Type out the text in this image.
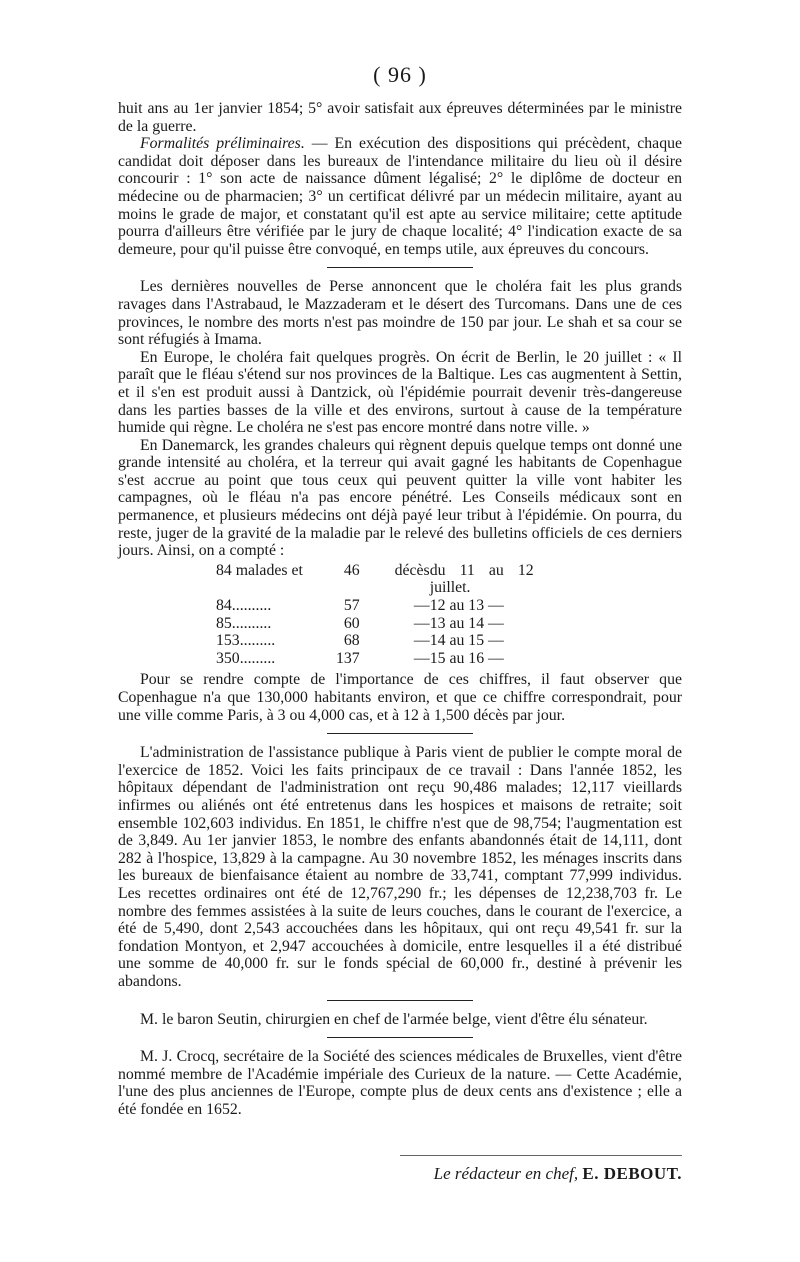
( 96 )

huit ans au 1er janvier 1854; 5° avoir satisfait aux épreuves déterminées par le ministre de la guerre.

Formalités préliminaires. — En exécution des dispositions qui précèdent, chaque candidat doit déposer dans les bureaux de l'intendance militaire du lieu où il désire concourir : 1° son acte de naissance dûment légalisé; 2° le diplôme de docteur en médecine ou de pharmacien; 3° un certificat délivré par un médecin militaire, ayant au moins le grade de major, et constatant qu'il est apte au service militaire; cette aptitude pourra d'ailleurs être vérifiée par le jury de chaque localité; 4° l'indication exacte de sa demeure, pour qu'il puisse être convoqué, en temps utile, aux épreuves du concours.

Les dernières nouvelles de Perse annoncent que le choléra fait les plus grands ravages dans l'Astrabaud, le Mazzaderam et le désert des Turcomans. Dans une de ces provinces, le nombre des morts n'est pas moindre de 150 par jour. Le shah et sa cour se sont réfugiés à Imama.

En Europe, le choléra fait quelques progrès. On écrit de Berlin, le 20 juillet : « Il paraît que le fléau s'étend sur nos provinces de la Baltique. Les cas augmentent à Settin, et il s'en est produit aussi à Dantzick, où l'épidémie pourrait devenir très-dangereuse dans les parties basses de la ville et des environs, surtout à cause de la température humide qui règne. Le choléra ne s'est pas encore montré dans notre ville. »

En Danemarck, les grandes chaleurs qui règnent depuis quelque temps ont donné une grande intensité au choléra, et la terreur qui avait gagné les habitants de Copenhague s'est accrue au point que tous ceux qui peuvent quitter la ville vont habiter les campagnes, où le fléau n'a pas encore pénétré. Les Conseils médicaux sont en permanence, et plusieurs médecins ont déjà payé leur tribut à l'épidémie. On pourra, du reste, juger de la gravité de la maladie par le relevé des bulletins officiels de ces derniers jours. Ainsi, on a compté :

84 malades et	46	décès	du 11 au 12 juillet.
84..........	57	—	12 au 13 —
85..........	60	—	13 au 14 —
153.........	68	—	14 au 15 —
350.........	137	—	15 au 16 —

Pour se rendre compte de l'importance de ces chiffres, il faut observer que Copenhague n'a que 130,000 habitants environ, et que ce chiffre correspondrait, pour une ville comme Paris, à 3 ou 4,000 cas, et à 12 à 1,500 décès par jour.

L'administration de l'assistance publique à Paris vient de publier le compte moral de l'exercice de 1852. Voici les faits principaux de ce travail : Dans l'année 1852, les hôpitaux dépendant de l'administration ont reçu 90,486 malades; 12,117 vieillards infirmes ou aliénés ont été entretenus dans les hospices et maisons de retraite; soit ensemble 102,603 individus. En 1851, le chiffre n'est que de 98,754; l'augmentation est de 3,849. Au 1er janvier 1853, le nombre des enfants abandonnés était de 14,111, dont 282 à l'hospice, 13,829 à la campagne. Au 30 novembre 1852, les ménages inscrits dans les bureaux de bienfaisance étaient au nombre de 33,741, comptant 77,999 individus. Les recettes ordinaires ont été de 12,767,290 fr.; les dépenses de 12,238,703 fr. Le nombre des femmes assistées à la suite de leurs couches, dans le courant de l'exercice, a été de 5,490, dont 2,543 accouchées dans les hôpitaux, qui ont reçu 49,541 fr. sur la fondation Montyon, et 2,947 accouchées à domicile, entre lesquelles il a été distribué une somme de 40,000 fr. sur le fonds spécial de 60,000 fr., destiné à prévenir les abandons.

M. le baron Seutin, chirurgien en chef de l'armée belge, vient d'être élu sénateur.

M. J. Crocq, secrétaire de la Société des sciences médicales de Bruxelles, vient d'être nommé membre de l'Académie impériale des Curieux de la nature. — Cette Académie, l'une des plus anciennes de l'Europe, compte plus de deux cents ans d'existence ; elle a été fondée en 1652.

Le rédacteur en chef, E. DEBOUT.
